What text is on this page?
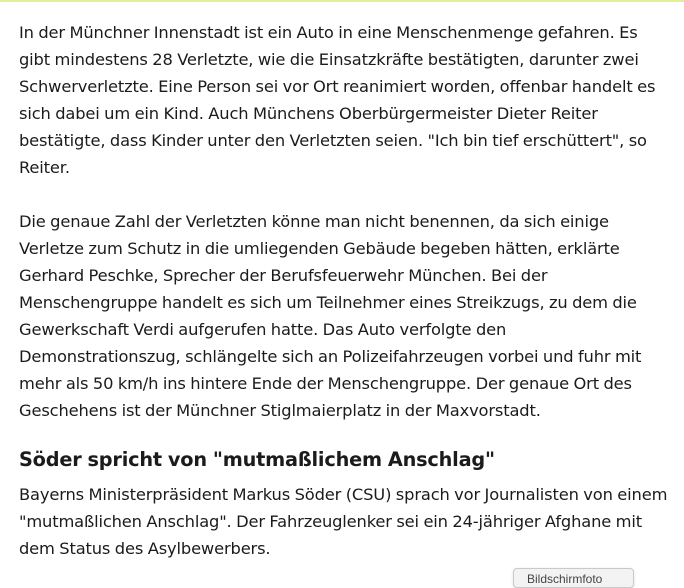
In der Münchner Innenstadt ist ein Auto in eine Menschenmenge gefahren. Es gibt mindestens 28 Verletzte, wie die Einsatzkräfte bestätigten, darunter zwei Schwerverletzte. Eine Person sei vor Ort reanimiert worden, offenbar handelt es sich dabei um ein Kind. Auch Münchens Oberbürgermeister Dieter Reiter bestätigte, dass Kinder unter den Verletzten seien. "Ich bin tief erschüttert", so Reiter.

Die genaue Zahl der Verletzten könne man nicht benennen, da sich einige Verletze zum Schutz in die umliegenden Gebäude begeben hätten, erklärte Gerhard Peschke, Sprecher der Berufsfeuerwehr München. Bei der Menschengruppe handelt es sich um Teilnehmer eines Streikzugs, zu dem die Gewerkschaft Verdi aufgerufen hatte. Das Auto verfolgte den Demonstrationszug, schlängelte sich an Polizeifahrzeugen vorbei und fuhr mit mehr als 50 km/h ins hintere Ende der Menschengruppe. Der genaue Ort des Geschehens ist der Münchner Stiglmaierplatz in der Maxvorstadt.

Söder spricht von "mutmaßlichem Anschlag"

Bayerns Ministerpräsident Markus Söder (CSU) sprach vor Journalisten von einem "mutmaßlichen Anschlag". Der Fahrzeuglenker sei ein 24-jähriger Afghane mit dem Status des Asylbewerbers.

Bildschirmfoto
